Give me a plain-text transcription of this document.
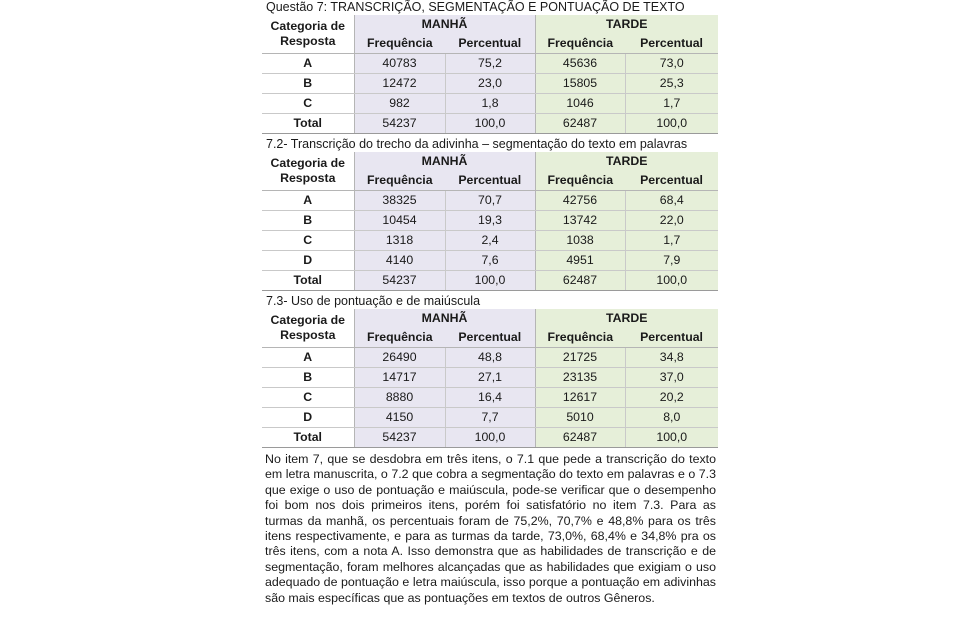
Questão 7: TRANSCRIÇÃO, SEGMENTAÇÃO E PONTUAÇÃO DE TEXTO
Categoria de Resposta	MANHÃ		TARDE	
	Frequência	Percentual	Frequência	Percentual
A	40783	75,2	45636	73,0
B	12472	23,0	15805	25,3
C	982	1,8	1046	1,7
Total	54237	100,0	62487	100,0
7.2- Transcrição do trecho da adivinha – segmentação do texto em palavras
Categoria de Resposta	MANHÃ		TARDE	
	Frequência	Percentual	Frequência	Percentual
A	38325	70,7	42756	68,4
B	10454	19,3	13742	22,0
C	1318	2,4	1038	1,7
D	4140	7,6	4951	7,9
Total	54237	100,0	62487	100,0
7.3- Uso de pontuação e de maiúscula
Categoria de Resposta	MANHÃ		TARDE	
	Frequência	Percentual	Frequência	Percentual
A	26490	48,8	21725	34,8
B	14717	27,1	23135	37,0
C	8880	16,4	12617	20,2
D	4150	7,7	5010	8,0
Total	54237	100,0	62487	100,0
No item 7, que se desdobra em três itens, o 7.1 que pede a transcrição do texto em letra manuscrita, o 7.2 que cobra a segmentação do texto em palavras e o 7.3 que exige o uso de pontuação e maiúscula, pode-se verificar que o desempenho foi bom nos dois primeiros itens, porém foi satisfatório no item 7.3. Para as turmas da manhã, os percentuais foram de 75,2%, 70,7% e 48,8% para os três itens respectivamente, e para as turmas da tarde, 73,0%, 68,4% e 34,8% pra os três itens, com a nota A. Isso demonstra que as habilidades de transcrição e de segmentação, foram melhores alcançadas que as habilidades que exigiam o uso adequado de pontuação e letra maiúscula, isso porque a pontuação em adivinhas são mais específicas que as pontuações em textos de outros Gêneros.
